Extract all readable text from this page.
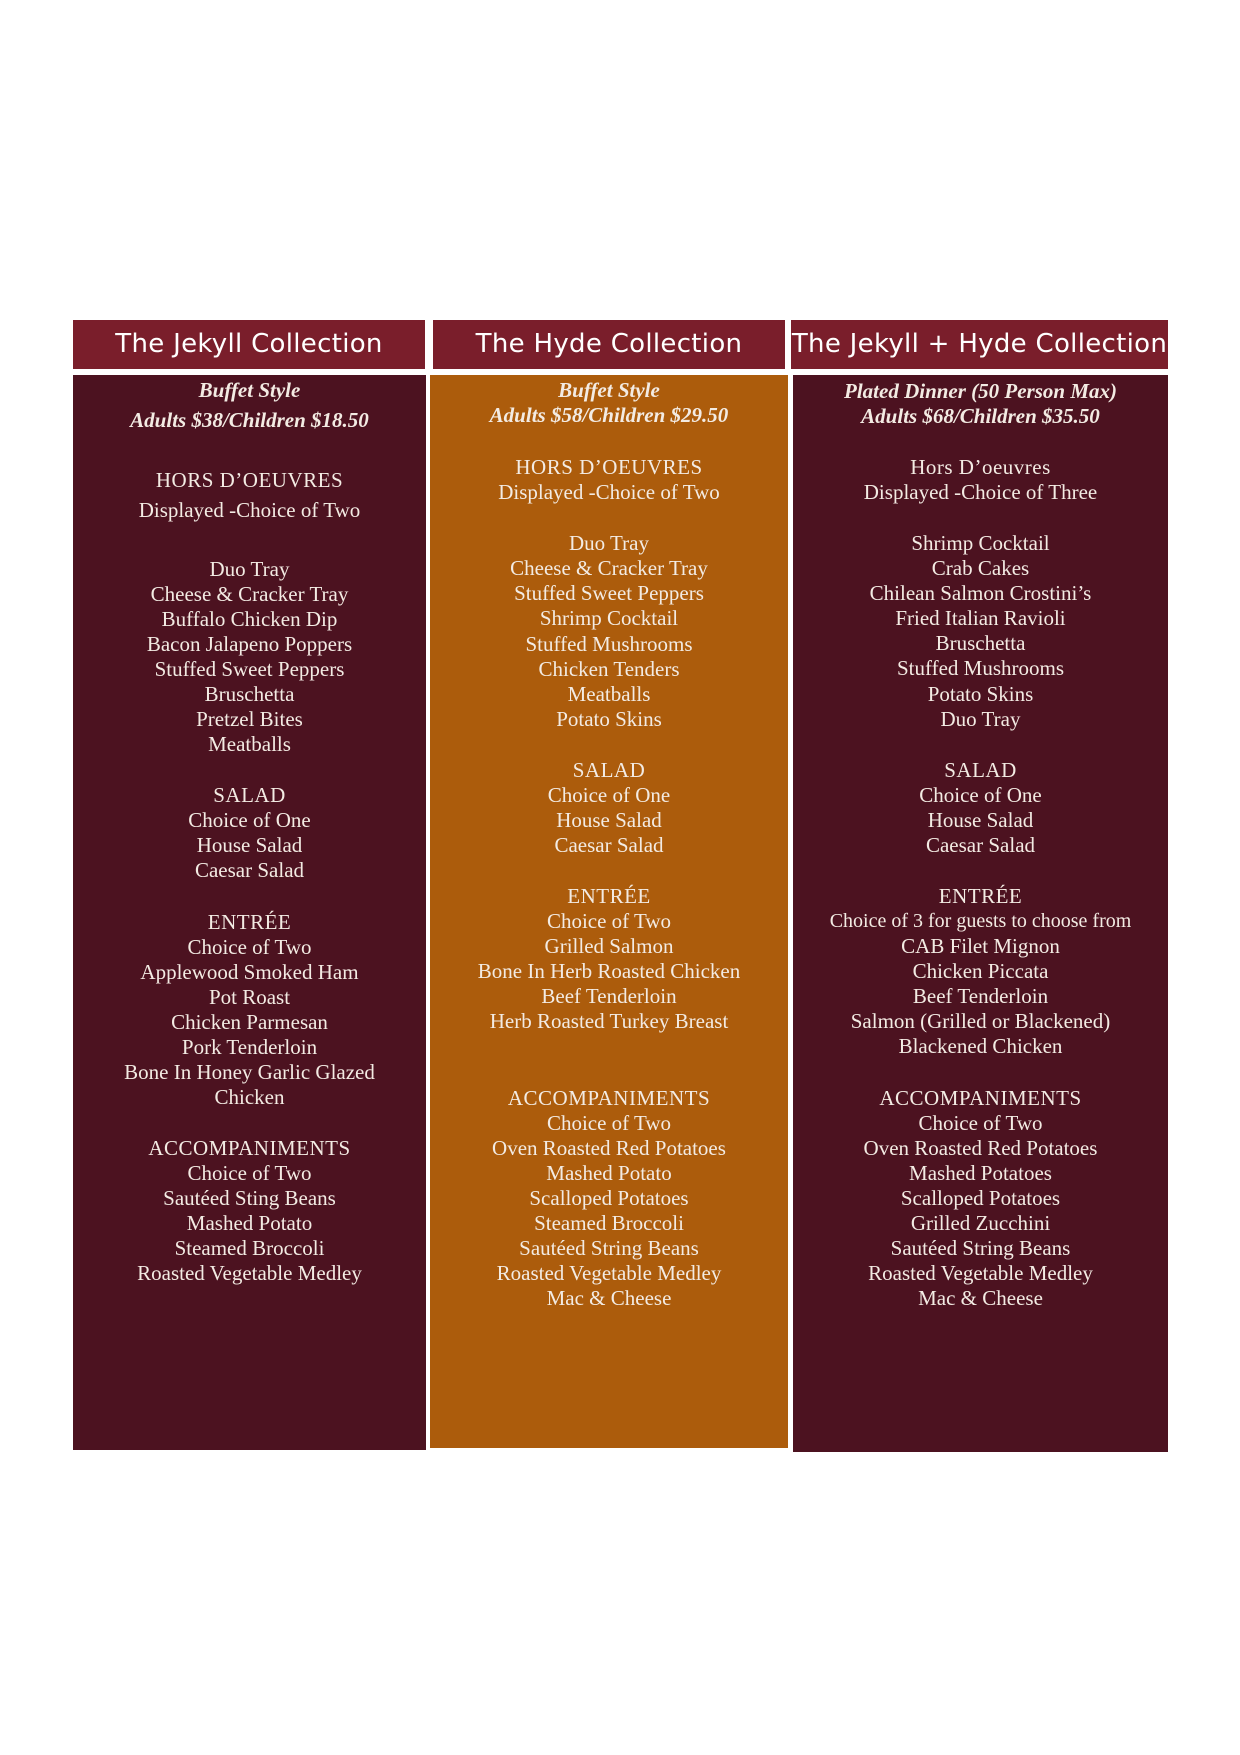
The Jekyll Collection	The Hyde Collection	The Jekyll + Hyde Collection
Buffet Style
Adults $38/Children $18.50
HORS D’OEUVRES
Displayed -Choice of Two
Duo Tray
Cheese & Cracker Tray
Buffalo Chicken Dip
Bacon Jalapeno Poppers
Stuffed Sweet Peppers
Bruschetta
Pretzel Bites
Meatballs
SALAD
Choice of One
House Salad
Caesar Salad
ENTRÉE
Choice of Two
Applewood Smoked Ham
Pot Roast
Chicken Parmesan
Pork Tenderloin
Bone In Honey Garlic Glazed
Chicken
ACCOMPANIMENTS
Choice of Two
Sautéed Sting Beans
Mashed Potato
Steamed Broccoli
Roasted Vegetable Medley
Buffet Style
Adults $58/Children $29.50
HORS D’OEUVRES
Displayed -Choice of Two
Duo Tray
Cheese & Cracker Tray
Stuffed Sweet Peppers
Shrimp Cocktail
Stuffed Mushrooms
Chicken Tenders
Meatballs
Potato Skins
SALAD
Choice of One
House Salad
Caesar Salad
ENTRÉE
Choice of Two
Grilled Salmon
Bone In Herb Roasted Chicken
Beef Tenderloin
Herb Roasted Turkey Breast
ACCOMPANIMENTS
Choice of Two
Oven Roasted Red Potatoes
Mashed Potato
Scalloped Potatoes
Steamed Broccoli
Sautéed String Beans
Roasted Vegetable Medley
Mac & Cheese
Plated Dinner (50 Person Max)
Adults $68/Children $35.50
Hors D’oeuvres
Displayed -Choice of Three
Shrimp Cocktail
Crab Cakes
Chilean Salmon Crostini’s
Fried Italian Ravioli
Bruschetta
Stuffed Mushrooms
Potato Skins
Duo Tray
SALAD
Choice of One
House Salad
Caesar Salad
ENTRÉE
Choice of 3 for guests to choose from
CAB Filet Mignon
Chicken Piccata
Beef Tenderloin
Salmon (Grilled or Blackened)
Blackened Chicken
ACCOMPANIMENTS
Choice of Two
Oven Roasted Red Potatoes
Mashed Potatoes
Scalloped Potatoes
Grilled Zucchini
Sautéed String Beans
Roasted Vegetable Medley
Mac & Cheese
